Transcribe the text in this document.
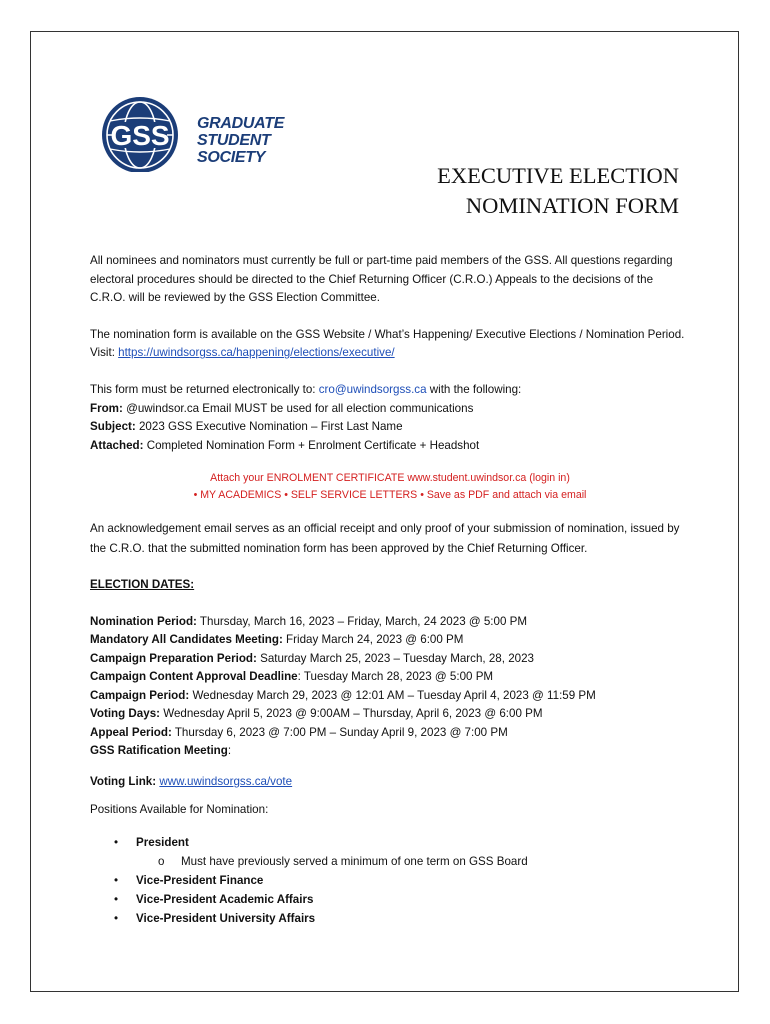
GSS GRADUATE
STUDENT
SOCIETY
EXECUTIVE ELECTION
NOMINATION FORM

All nominees and nominators must currently be full or part-time paid members of the GSS. All questions regarding electoral procedures should be directed to the Chief Returning Officer (C.R.O.) Appeals to the decisions of the C.R.O. will be reviewed by the GSS Election Committee.

The nomination form is available on the GSS Website / What’s Happening/ Executive Elections / Nomination Period. Visit: https://uwindsorgss.ca/happening/elections/executive/

This form must be returned electronically to: cro@uwindsorgss.ca with the following:

From: @uwindsor.ca Email MUST be used for all election communications

Subject: 2023 GSS Executive Nomination – First Last Name

Attached: Completed Nomination Form + Enrolment Certificate + Headshot

Attach your ENROLMENT CERTIFICATE www.student.uwindsor.ca (login in)
• MY ACADEMICS • SELF SERVICE LETTERS • Save as PDF and attach via email

An acknowledgement email serves as an official receipt and only proof of your submission of nomination, issued by the C.R.O. that the submitted nomination form has been approved by the Chief Returning Officer.

ELECTION DATES:

Nomination Period: Thursday, March 16, 2023 – Friday, March, 24 2023 @ 5:00 PM

Mandatory All Candidates Meeting: Friday March 24, 2023 @ 6:00 PM

Campaign Preparation Period: Saturday March 25, 2023 – Tuesday March, 28, 2023

Campaign Content Approval Deadline: Tuesday March 28, 2023 @ 5:00 PM

Campaign Period: Wednesday March 29, 2023 @ 12:01 AM – Tuesday April 4, 2023 @ 11:59 PM

Voting Days: Wednesday April 5, 2023 @ 9:00AM – Thursday, April 6, 2023 @ 6:00 PM

Appeal Period: Thursday 6, 2023 @ 7:00 PM – Sunday April 9, 2023 @ 7:00 PM

GSS Ratification Meeting:

Voting Link: www.uwindsorgss.ca/vote

Positions Available for Nomination:

• President
o Must have previously served a minimum of one term on GSS Board
• Vice-President Finance
• Vice-President Academic Affairs
• Vice-President University Affairs
